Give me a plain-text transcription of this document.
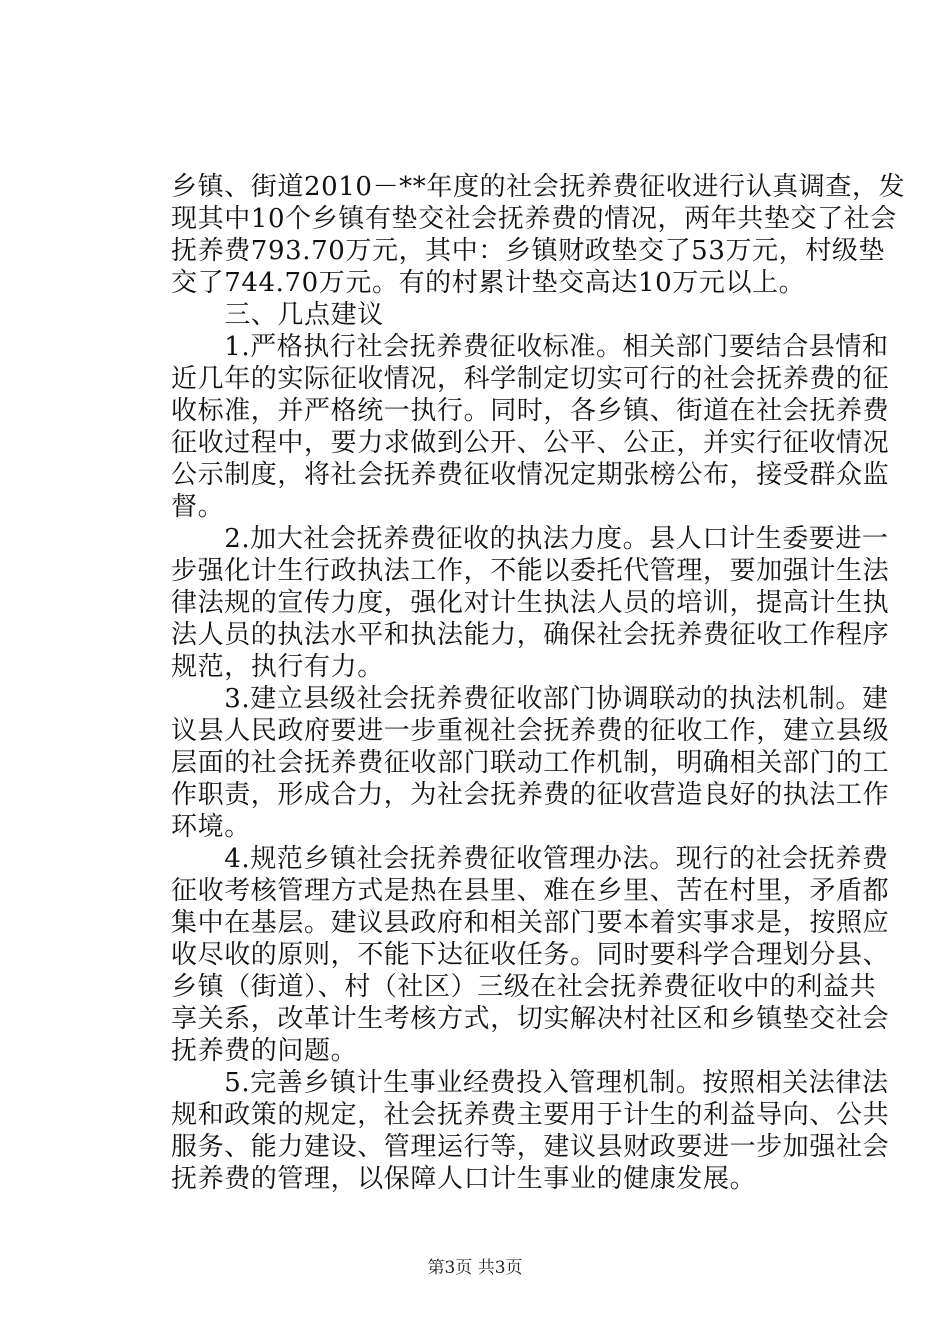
乡镇、街道2010－**年度的社会抚养费征收进行认真调查，发
现其中10个乡镇有垫交社会抚养费的情况，两年共垫交了社会
抚养费793.70万元，其中：乡镇财政垫交了53万元，村级垫
交了744.70万元。有的村累计垫交高达10万元以上。
　　三、几点建议
　　1.严格执行社会抚养费征收标准。相关部门要结合县情和
近几年的实际征收情况，科学制定切实可行的社会抚养费的征
收标准，并严格统一执行。同时，各乡镇、街道在社会抚养费
征收过程中，要力求做到公开、公平、公正，并实行征收情况
公示制度，将社会抚养费征收情况定期张榜公布，接受群众监
督。
　　2.加大社会抚养费征收的执法力度。县人口计生委要进一
步强化计生行政执法工作，不能以委托代管理，要加强计生法
律法规的宣传力度，强化对计生执法人员的培训，提高计生执
法人员的执法水平和执法能力，确保社会抚养费征收工作程序
规范，执行有力。
　　3.建立县级社会抚养费征收部门协调联动的执法机制。建
议县人民政府要进一步重视社会抚养费的征收工作，建立县级
层面的社会抚养费征收部门联动工作机制，明确相关部门的工
作职责，形成合力，为社会抚养费的征收营造良好的执法工作
环境。
　　4.规范乡镇社会抚养费征收管理办法。现行的社会抚养费
征收考核管理方式是热在县里、难在乡里、苦在村里，矛盾都
集中在基层。建议县政府和相关部门要本着实事求是，按照应
收尽收的原则，不能下达征收任务。同时要科学合理划分县、
乡镇（街道）、村（社区）三级在社会抚养费征收中的利益共
享关系，改革计生考核方式，切实解决村社区和乡镇垫交社会
抚养费的问题。
　　5.完善乡镇计生事业经费投入管理机制。按照相关法律法
规和政策的规定，社会抚养费主要用于计生的利益导向、公共
服务、能力建设、管理运行等，建议县财政要进一步加强社会
抚养费的管理，以保障人口计生事业的健康发展。
第3页 共3页
